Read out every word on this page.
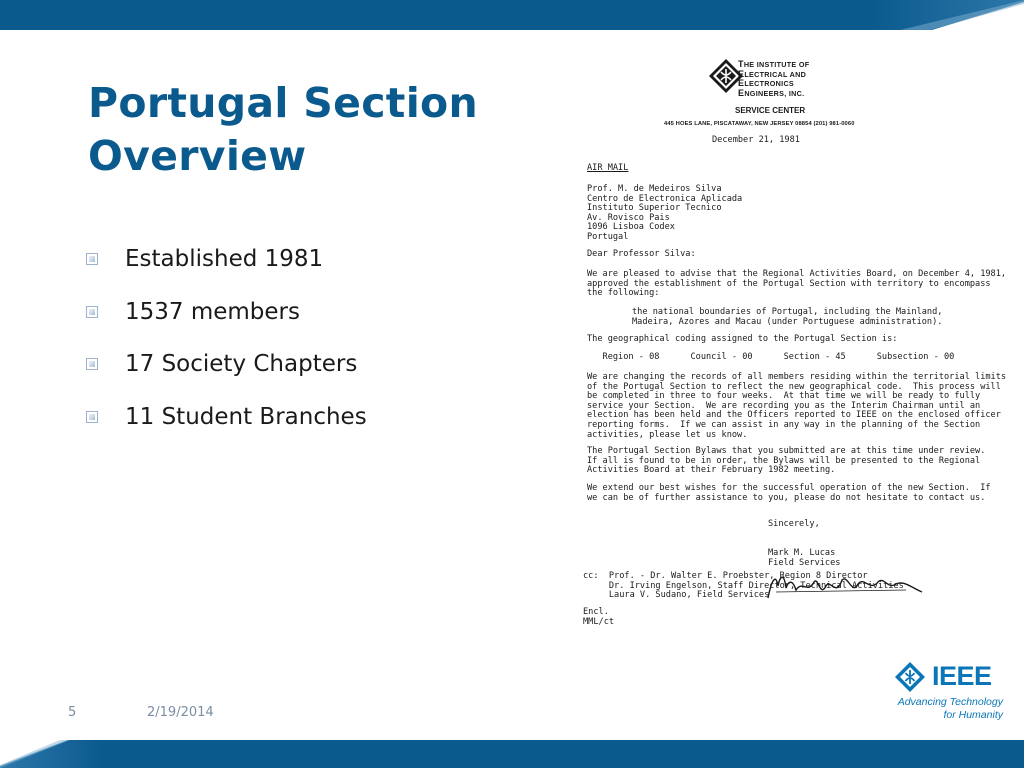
Portugal Section
Overview
Established 1981
1537 members
17 Society Chapters
11 Student Branches
THE INSTITUTE OF
ELECTRICAL AND
ELECTRONICS
ENGINEERS, INC.
SERVICE CENTER
445 HOES LANE, PISCATAWAY, NEW JERSEY 08854 (201) 981-0060
December 21, 1981
AIR MAIL
Prof. M. de Medeiros Silva
Centro de Electronica Aplicada
Instituto Superior Tecnico
Av. Rovisco Pais
1096 Lisboa Codex
Portugal
Dear Professor Silva:
We are pleased to advise that the Regional Activities Board, on December 4, 1981,
approved the establishment of the Portugal Section with territory to encompass
the following:
the national boundaries of Portugal, including the Mainland,
Madeira, Azores and Macau (under Portuguese administration).
The geographical coding assigned to the Portugal Section is:
Region - 08      Council - 00      Section - 45      Subsection - 00
We are changing the records of all members residing within the territorial limits
of the Portugal Section to reflect the new geographical code.  This process will
be completed in three to four weeks.  At that time we will be ready to fully
service your Section.  We are recording you as the Interim Chairman until an
election has been held and the Officers reported to IEEE on the enclosed officer
reporting forms.  If we can assist in any way in the planning of the Section
activities, please let us know.
The Portugal Section Bylaws that you submitted are at this time under review.
If all is found to be in order, the Bylaws will be presented to the Regional
Activities Board at their February 1982 meeting.
We extend our best wishes for the successful operation of the new Section.  If
we can be of further assistance to you, please do not hesitate to contact us.
Sincerely,
Mark M. Lucas
Field Services
cc:  Prof. - Dr. Walter E. Proebster, Region 8 Director
Dr. Irving Engelson, Staff Director, Technical Activities
Laura V. Sudano, Field Services
Encl.
MML/ct
IEEE
Advancing Technology
for Humanity
5	2/19/2014
